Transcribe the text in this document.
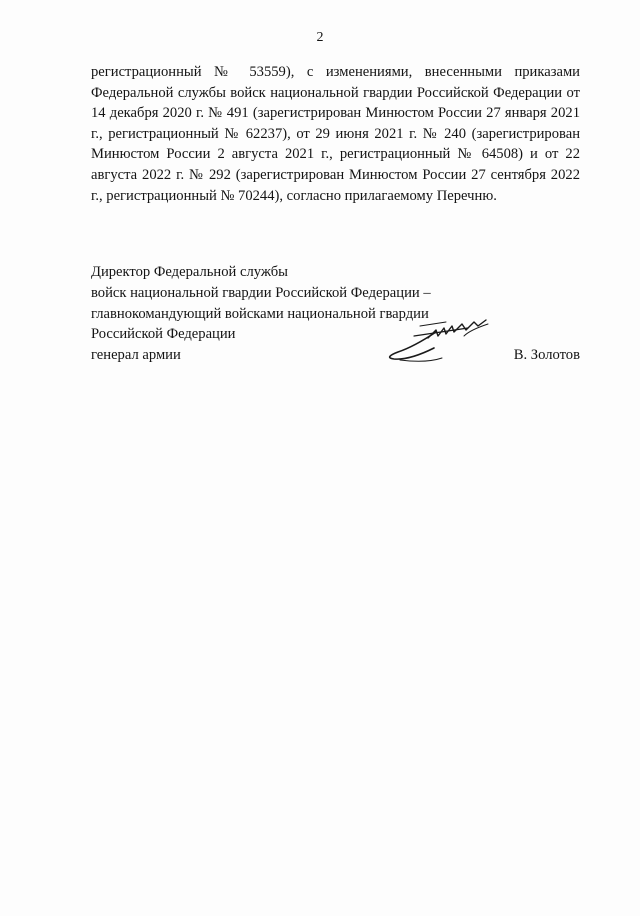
2

регистрационный № 53559), с изменениями, внесенными приказами Федеральной службы войск национальной гвардии Российской Федерации от 14 декабря 2020 г. № 491 (зарегистрирован Минюстом России 27 января 2021 г., регистрационный № 62237), от 29 июня 2021 г. № 240 (зарегистрирован Минюстом России 2 августа 2021 г., регистрационный № 64508) и от 22 августа 2022 г. № 292 (зарегистрирован Минюстом России 27 сентября 2022 г., регистрационный № 70244), согласно прилагаемому Перечню.

Директор Федеральной службы
войск национальной гвардии Российской Федерации –
главнокомандующий войсками национальной гвардии
Российской Федерации
генерал армии	В. Золотов
